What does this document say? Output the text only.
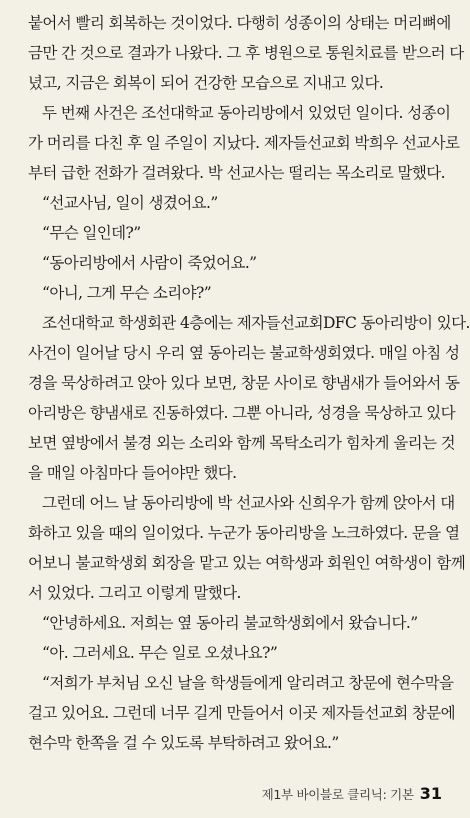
붙어서 빨리 회복하는 것이었다. 다행히 성종이의 상태는 머리뼈에
금만 간 것으로 결과가 나왔다. 그 후 병원으로 통원치료를 받으러 다
녔고, 지금은 회복이 되어 건강한 모습으로 지내고 있다.
두 번째 사건은 조선대학교 동아리방에서 있었던 일이다. 성종이
가 머리를 다친 후 일 주일이 지났다. 제자들선교회 박희우 선교사로
부터 급한 전화가 걸려왔다. 박 선교사는 떨리는 목소리로 말했다.
“선교사님, 일이 생겼어요.”
“무슨 일인데?”
“동아리방에서 사람이 죽었어요.”
“아니, 그게 무슨 소리야?”
조선대학교 학생회관 4층에는 제자들선교회DFC 동아리방이 있다.
사건이 일어날 당시 우리 옆 동아리는 불교학생회였다. 매일 아침 성
경을 묵상하려고 앉아 있다 보면, 창문 사이로 향냄새가 들어와서 동
아리방은 향냄새로 진동하였다. 그뿐 아니라, 성경을 묵상하고 있다
보면 옆방에서 불경 외는 소리와 함께 목탁소리가 힘차게 울리는 것
을 매일 아침마다 들어야만 했다.
그런데 어느 날 동아리방에 박 선교사와 신희우가 함께 앉아서 대
화하고 있을 때의 일이었다. 누군가 동아리방을 노크하였다. 문을 열
어보니 불교학생회 회장을 맡고 있는 여학생과 회원인 여학생이 함께
서 있었다. 그리고 이렇게 말했다.
“안녕하세요. 저희는 옆 동아리 불교학생회에서 왔습니다.”
“아. 그러세요. 무슨 일로 오셨나요?”
“저희가 부처님 오신 날을 학생들에게 알리려고 창문에 현수막을
걸고 있어요. 그런데 너무 길게 만들어서 이곳 제자들선교회 창문에
현수막 한쪽을 걸 수 있도록 부탁하려고 왔어요.”
제1부 바이블로 클리닉: 기본 31
